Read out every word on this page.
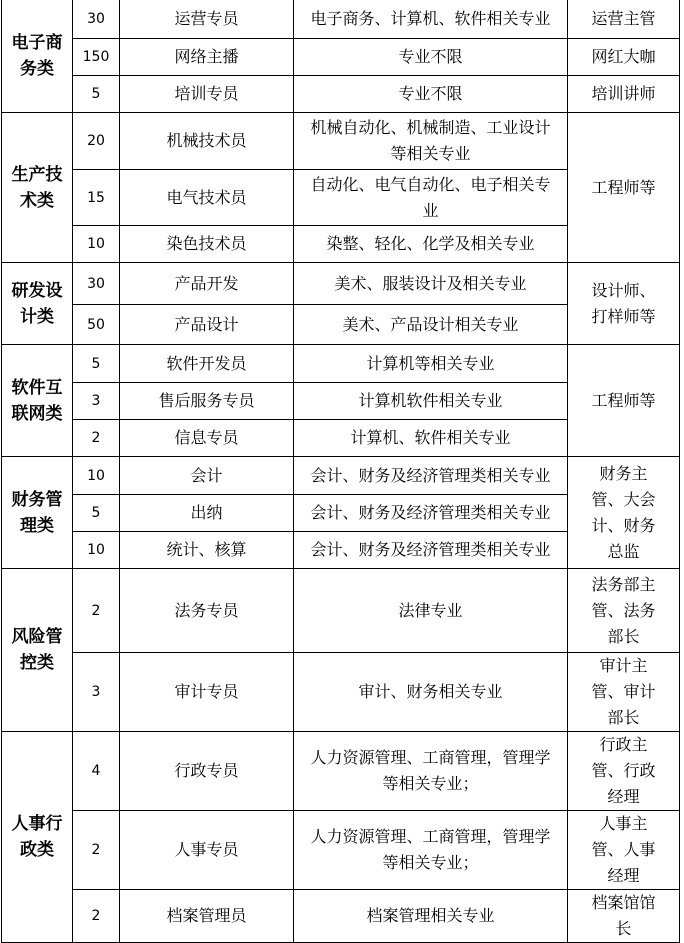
电子商务类	30	运营专员	电子商务、计算机、软件相关专业	运营主管

	150	网络主播	专业不限	网红大咖

	5	培训专员	专业不限	培训讲师

生产技术类	20	机械技术员	机械自动化、机械制造、工业设计等相关专业	工程师等

	15	电气技术员	自动化、电气自动化、电子相关专业	

	10	染色技术员	染整、轻化、化学及相关专业	

研发设计类	30	产品开发	美术、服装设计及相关专业	设计师、打样师等

	50	产品设计	美术、产品设计相关专业	

软件互联网类	5	软件开发员	计算机等相关专业	工程师等

	3	售后服务专员	计算机软件相关专业	

	2	信息专员	计算机、软件相关专业	

财务管理类	10	会计	会计、财务及经济管理类相关专业	财务主管、大会计、财务总监

	5	出纳	会计、财务及经济管理类相关专业	

	10	统计、核算	会计、财务及经济管理类相关专业	

风险管控类	2	法务专员	法律专业	法务部主管、法务部长

	3	审计专员	审计、财务相关专业	审计主管、审计部长

人事行政类	4	行政专员	人力资源管理、工商管理，管理学等相关专业；	行政主管、行政经理

	2	人事专员	人力资源管理、工商管理，管理学等相关专业；	人事主管、人事经理

	2	档案管理员	档案管理相关专业	档案馆馆长
